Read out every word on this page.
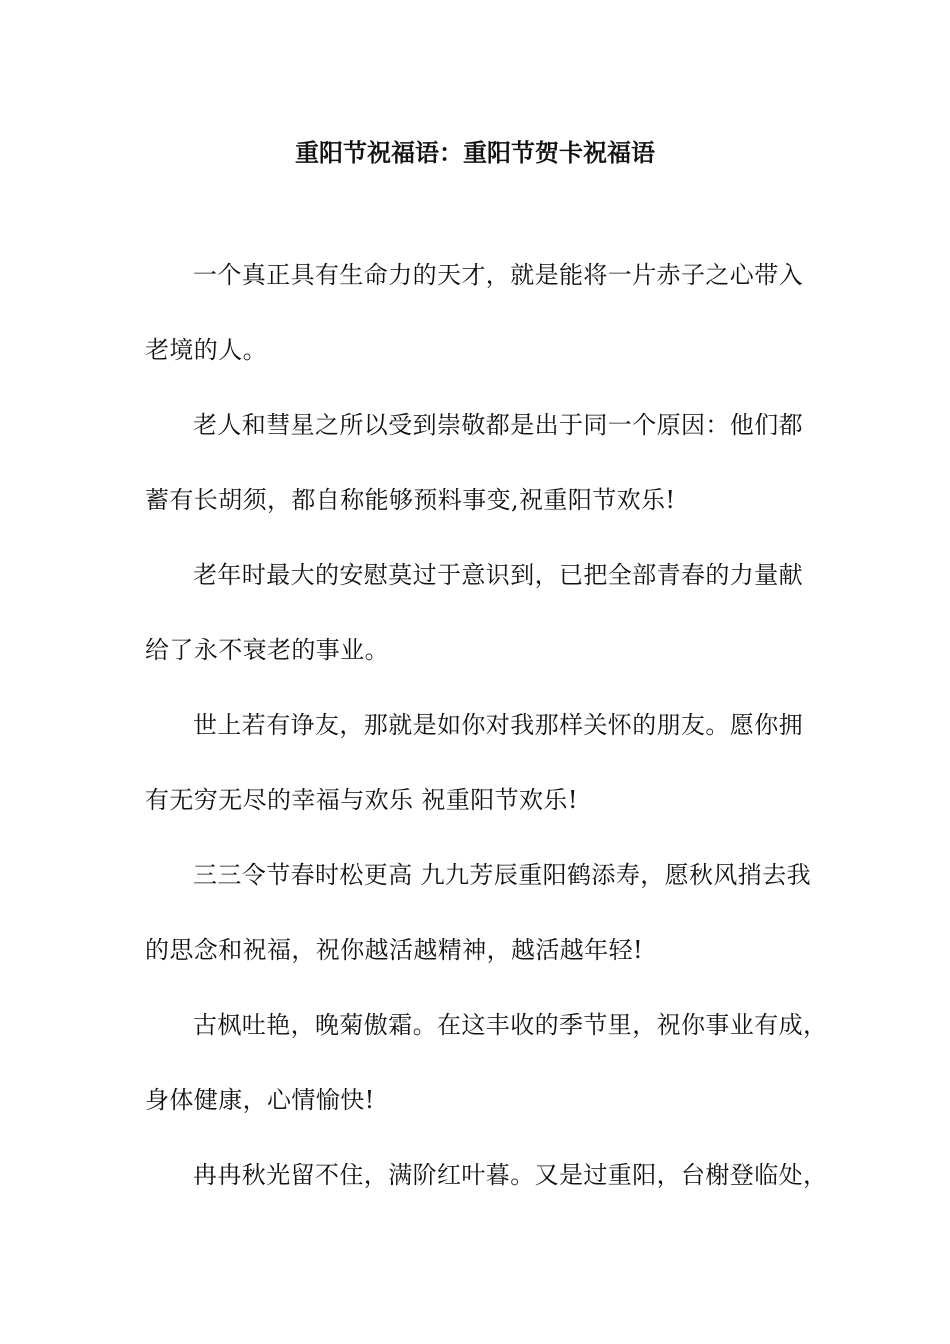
重阳节祝福语：重阳节贺卡祝福语
一个真正具有生命力的天才，就是能将一片赤子之心带入
老境的人。
老人和彗星之所以受到崇敬都是出于同一个原因：他们都
蓄有长胡须，都自称能够预料事变,祝重阳节欢乐!
老年时最大的安慰莫过于意识到，已把全部青春的力量献
给了永不衰老的事业。
世上若有诤友，那就是如你对我那样关怀的朋友。愿你拥
有无穷无尽的幸福与欢乐 祝重阳节欢乐!
三三令节春时松更高 九九芳辰重阳鹤添寿，愿秋风捎去我
的思念和祝福，祝你越活越精神，越活越年轻!
古枫吐艳，晚菊傲霜。在这丰收的季节里，祝你事业有成，
身体健康，心情愉快!
冉冉秋光留不住，满阶红叶暮。又是过重阳，台榭登临处，
